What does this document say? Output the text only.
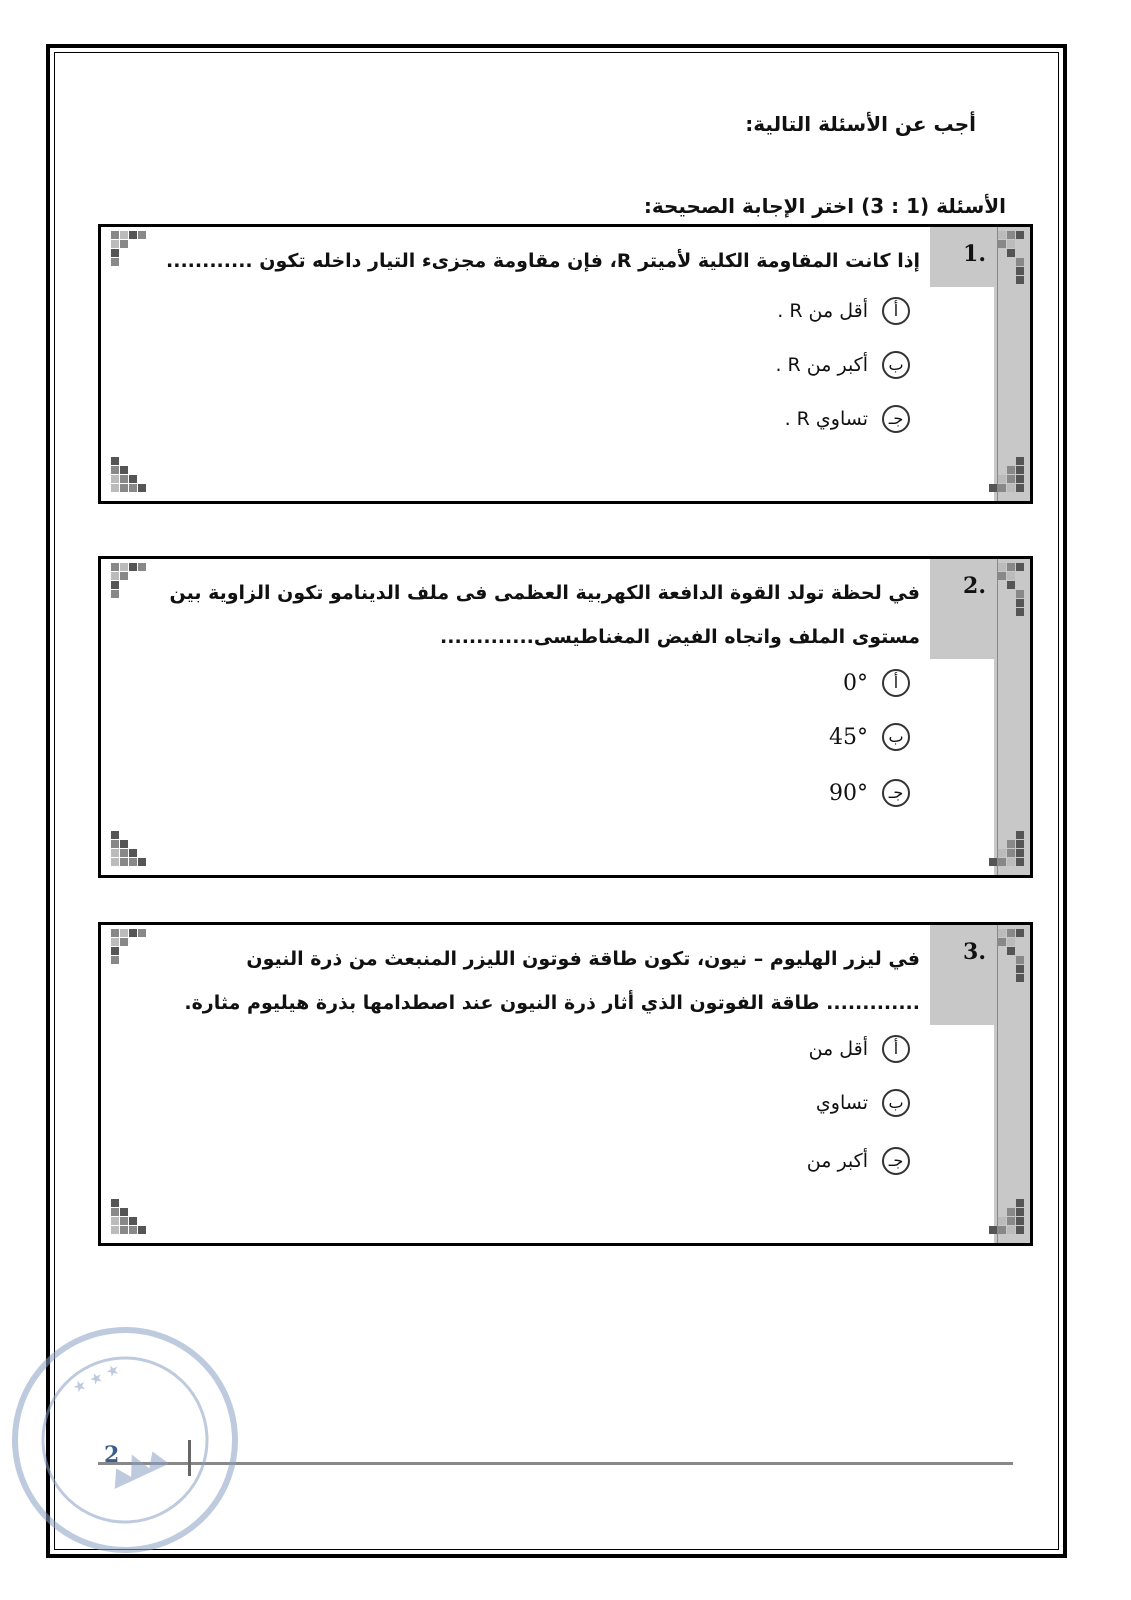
أجب عن الأسئلة التالية:
الأسئلة (1 : 3) اختر الإجابة الصحيحة:
1.
إذا كانت المقاومة الكلية لأميتر R، فإن مقاومة مجزىء التيار داخله تكون ............
أ
أقل من R .
ب
أكبر من R .
جـ
تساوي R .
2.
في لحظة تولد القوة الدافعة الكهربية العظمى فى ملف الدينامو تكون الزاوية بين مستوى الملف واتجاه الفيض المغناطيسى.............
أ
0°
ب
45°
جـ
90°
3.
في ليزر الهليوم – نيون، تكون طاقة فوتون الليزر المنبعث من ذرة النيون ............. طاقة الفوتون الذي أثار ذرة النيون عند اصطدامها بذرة هيليوم مثارة.
أ
أقل من
ب
تساوي
جـ
أكبر من
2
★ ★ ★
